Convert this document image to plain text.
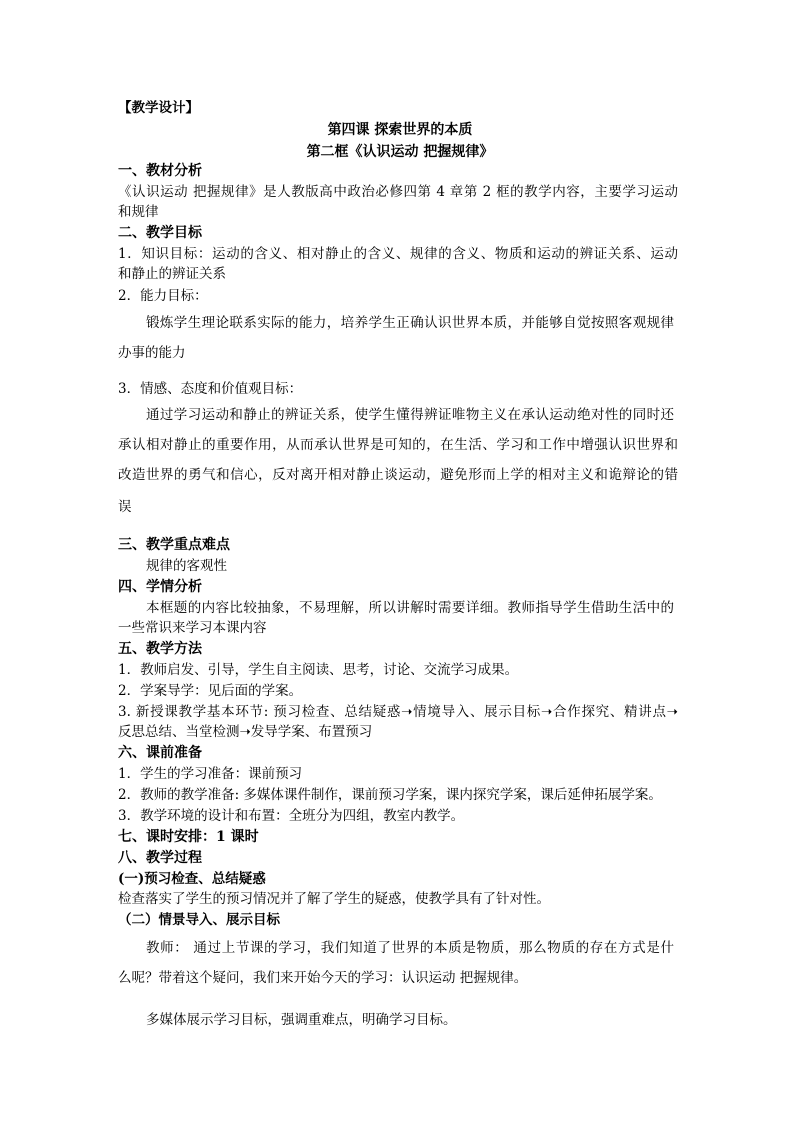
【教学设计】
第四课 探索世界的本质
第二框《认识运动 把握规律》
一、教材分析
《认识运动 把握规律》是人教版高中政治必修四第 4 章第 2 框的教学内容，主要学习运动
和规律
二、教学目标
1．知识目标：运动的含义、相对静止的含义、规律的含义、物质和运动的辨证关系、运动
和静止的辨证关系
2．能力目标：
锻炼学生理论联系实际的能力，培养学生正确认识世界本质，并能够自觉按照客观规律
办事的能力
3．情感、态度和价值观目标：
通过学习运动和静止的辨证关系，使学生懂得辨证唯物主义在承认运动绝对性的同时还
承认相对静止的重要作用，从而承认世界是可知的，在生活、学习和工作中增强认识世界和
改造世界的勇气和信心，反对离开相对静止谈运动，避免形而上学的相对主义和诡辩论的错
误
三、教学重点难点
规律的客观性
四、学情分析
本框题的内容比较抽象，不易理解，所以讲解时需要详细。教师指导学生借助生活中的
一些常识来学习本课内容
五、教学方法
1．教师启发、引导，学生自主阅读、思考，讨论、交流学习成果。
2．学案导学：见后面的学案。
3. 新授课教学基本环节: 预习检查、总结疑惑➝情境导入、展示目标➝合作探究、精讲点➝
反思总结、当堂检测➝发导学案、布置预习
六、课前准备
1．学生的学习准备：课前预习
2．教师的教学准备: 多媒体课件制作，课前预习学案，课内探究学案，课后延伸拓展学案。
3．教学环境的设计和布置：全班分为四组，教室内教学。
七、课时安排：1 课时
八、教学过程
(一)预习检查、总结疑惑
检查落实了学生的预习情况并了解了学生的疑惑，使教学具有了针对性。
（二）情景导入、展示目标
教师： 通过上节课的学习，我们知道了世界的本质是物质，那么物质的存在方式是什
么呢？带着这个疑问，我们来开始今天的学习：认识运动 把握规律。
多媒体展示学习目标，强调重难点，明确学习目标。
